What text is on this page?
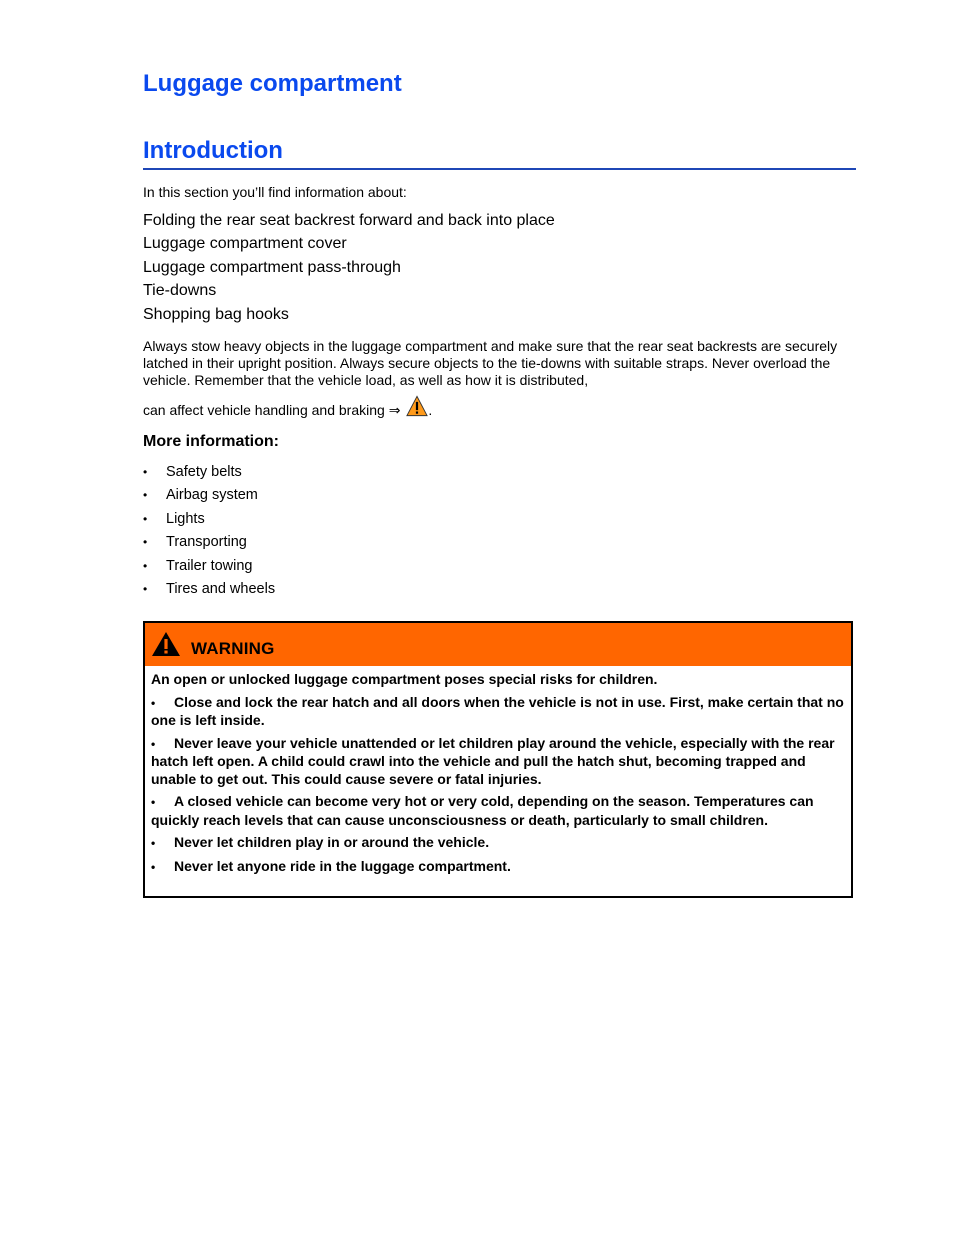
Luggage compartment
Introduction

In this section you’ll find information about:

Folding the rear seat backrest forward and back into place
Luggage compartment cover
Luggage compartment pass-through
Tie-downs
Shopping bag hooks

Always stow heavy objects in the luggage compartment and make sure that the rear seat backrests are securely latched in their upright position. Always secure objects to the tie-downs with suitable straps. Never overload the vehicle. Remember that the vehicle load, as well as how it is distributed,
can affect vehicle handling and braking ⇒ .

More information:
• Safety belts
• Airbag system
• Lights
• Transporting
• Trailer towing
• Tires and wheels
WARNING

An open or unlocked luggage compartment poses special risks for children.

• Close and lock the rear hatch and all doors when the vehicle is not in use. First, make certain that no one is left inside.

• Never leave your vehicle unattended or let children play around the vehicle, especially with the rear hatch left open. A child could crawl into the vehicle and pull the hatch shut, becoming trapped and unable to get out. This could cause severe or fatal injuries.

• A closed vehicle can become very hot or very cold, depending on the season. Temperatures can quickly reach levels that can cause unconsciousness or death, particularly to small children.

• Never let children play in or around the vehicle.

• Never let anyone ride in the luggage compartment.
